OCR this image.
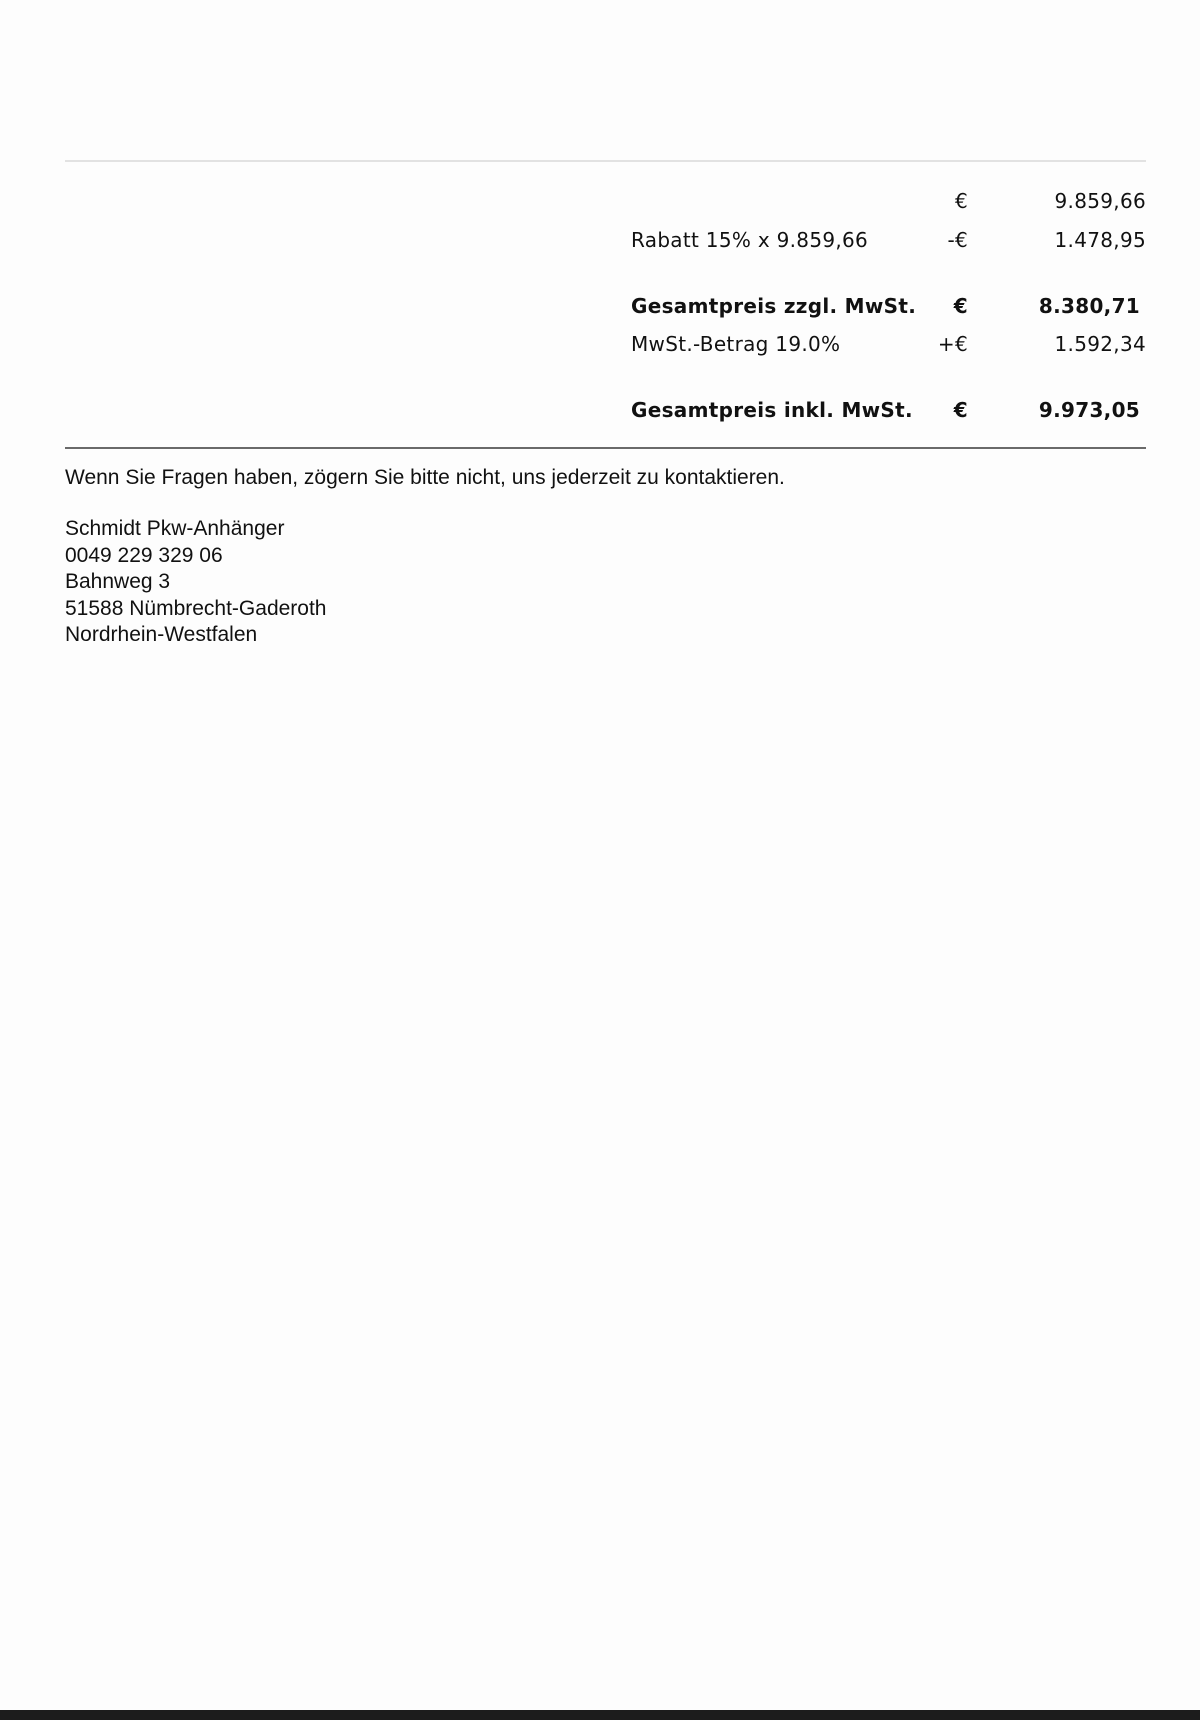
€	9.859,66
Rabatt 15% x 9.859,66	-€	1.478,95
Gesamtpreis zzgl. MwSt.	€	8.380,71
MwSt.-Betrag 19.0%	+€	1.592,34
Gesamtpreis inkl. MwSt.	€	9.973,05
Wenn Sie Fragen haben, zögern Sie bitte nicht, uns jederzeit zu kontaktieren.
Schmidt Pkw-Anhänger
0049 229 329 06
Bahnweg 3
51588 Nümbrecht-Gaderoth
Nordrhein-Westfalen
